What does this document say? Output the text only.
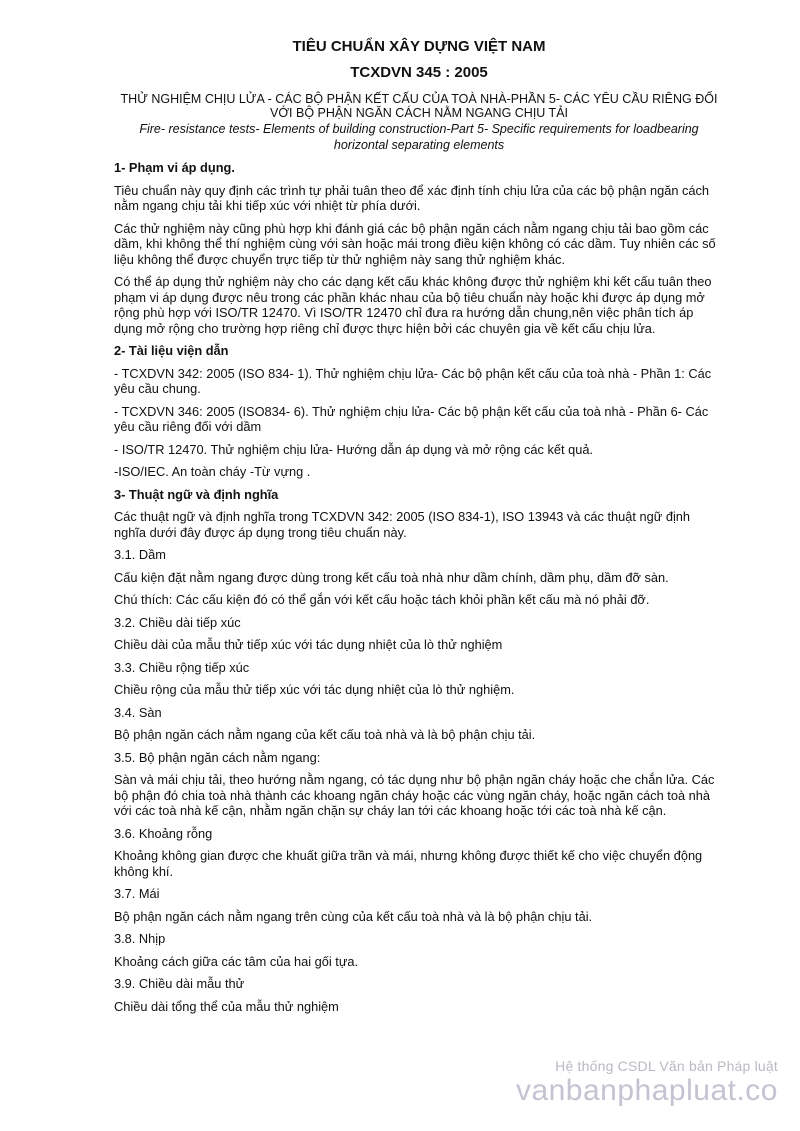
TIÊU CHUẨN XÂY DỰNG VIỆT NAM
TCXDVN 345 : 2005

THỬ NGHIỆM CHỊU LỬA - CÁC BỘ PHẬN KẾT CẤU CỦA TOÀ NHÀ-PHẦN 5- CÁC YÊU CẦU RIÊNG ĐỐI VỚI BỘ PHẬN NGĂN CÁCH NẰM NGANG CHỊU TẢI

Fire- resistance tests- Elements of building construction-Part 5- Specific requirements for loadbearing horizontal separating elements

1- Phạm vi áp dụng.

Tiêu chuẩn này quy định các trình tự phải tuân theo để xác định tính chịu lửa của các bộ phận ngăn cách nằm ngang chịu tải khi tiếp xúc với nhiệt từ phía dưới.

Các thử nghiệm này cũng phù hợp khi đánh giá các bộ phận ngăn cách nằm ngang chịu tải bao gồm các dầm, khi không thể thí nghiệm cùng với sàn hoặc mái trong điều kiện không có các dầm. Tuy nhiên các số liệu không thể được chuyển trực tiếp từ thử nghiệm này sang thử nghiệm khác.

Có thể áp dụng thử nghiệm này cho các dạng kết cấu khác không được thử nghiệm khi kết cấu tuân theo phạm vi áp dụng được nêu trong các phần khác nhau của bộ tiêu chuẩn này hoặc khi được áp dụng mở rộng phù hợp với ISO/TR 12470. Vì ISO/TR 12470 chỉ đưa ra hướng dẫn chung,nên việc phân tích áp dụng mở rộng cho trường hợp riêng chỉ được thực hiện bởi các chuyên gia về kết cấu chịu lửa.

2- Tài liệu viện dẫn

- TCXDVN 342: 2005 (ISO 834- 1). Thử nghiệm chịu lửa- Các bộ phận kết cấu của toà nhà - Phần 1: Các yêu cầu chung.

- TCXDVN 346: 2005 (ISO834- 6). Thử nghiệm chịu lửa- Các bộ phận kết cấu của toà nhà - Phần 6- Các yêu cầu riêng đối với dầm

- ISO/TR 12470. Thử nghiệm chịu lửa- Hướng dẫn áp dụng và mở rộng các kết quả.

-ISO/IEC. An toàn cháy -Từ vựng .

3- Thuật ngữ và định nghĩa

Các thuật ngữ và định nghĩa trong TCXDVN 342: 2005 (ISO 834-1), ISO 13943 và các thuật ngữ định nghĩa dưới đây được áp dụng trong tiêu chuẩn này.

3.1. Dầm

Cấu kiện đặt nằm ngang được dùng trong kết cấu toà nhà như dầm chính, dầm phụ, dầm đỡ sàn.

Chú thích: Các cấu kiện đó có thể gắn với kết cấu hoặc tách khỏi phần kết cấu mà nó phải đỡ.

3.2. Chiều dài tiếp xúc

Chiều dài của mẫu thử tiếp xúc với tác dụng nhiệt của lò thử nghiệm

3.3. Chiều rộng tiếp xúc

Chiều rộng của mẫu thử tiếp xúc với tác dụng nhiệt của lò thử nghiệm.

3.4. Sàn

Bộ phận ngăn cách nằm ngang của kết cấu toà nhà và là bộ phận chịu tải.

3.5. Bộ phận ngăn cách nằm ngang:

Sàn và mái chịu tải, theo hướng nằm ngang, có tác dụng như bộ phận ngăn cháy hoặc che chắn lửa. Các bộ phận đó chia toà nhà thành các khoang ngăn cháy hoặc các vùng ngăn cháy, hoặc ngăn cách toà nhà với các toà nhà kế cận, nhằm ngăn chặn sự cháy lan tới các khoang hoặc tới các toà nhà kế cận.

3.6. Khoảng rỗng

Khoảng không gian được che khuất giữa trần và mái, nhưng không được thiết kế cho việc chuyển động không khí.

3.7. Mái

Bộ phận ngăn cách nằm ngang trên cùng của kết cấu toà nhà và là bộ phận chịu tải.

3.8. Nhịp

Khoảng cách giữa các tâm của hai gối tựa.

3.9. Chiều dài mẫu thử

Chiều dài tổng thể của mẫu thử nghiệm

Hệ thống CSDL Văn bản Pháp luật
vanbanphapluat.co
